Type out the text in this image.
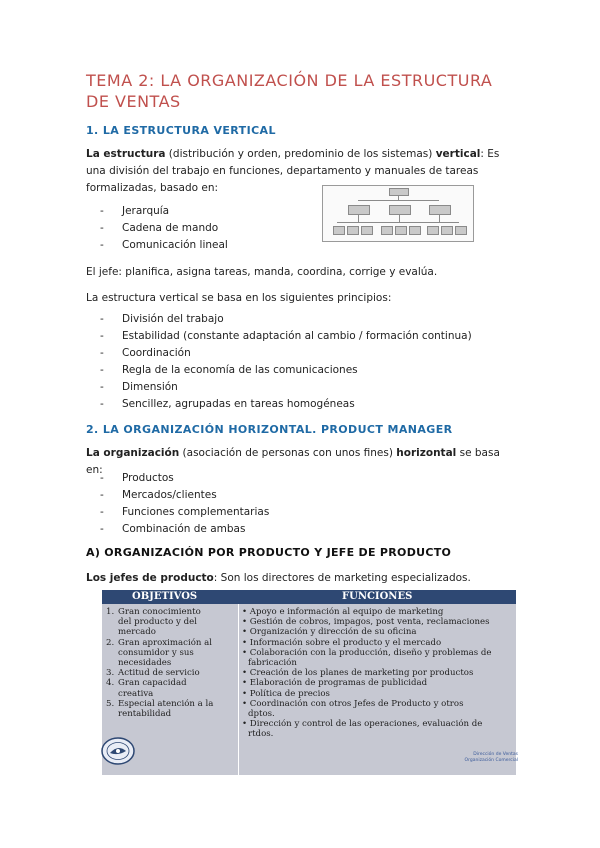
TEMA 2: LA ORGANIZACIÓN DE LA ESTRUCTURA DE VENTAS
1. LA ESTRUCTURA VERTICAL

La estructura (distribución y orden, predominio de los sistemas) vertical: Es una división del trabajo en funciones, departamento y manuales de tareas formalizadas, basado en:

- Jerarquía
- Cadena de mando
- Comunicación lineal

El jefe: planifica, asigna tareas, manda, coordina, corrige y evalúa.

La estructura vertical se basa en los siguientes principios:

- División del trabajo
- Estabilidad (constante adaptación al cambio / formación continua)
- Coordinación
- Regla de la economía de las comunicaciones
- Dimensión
- Sencillez, agrupadas en tareas homogéneas
2. LA ORGANIZACIÓN HORIZONTAL. PRODUCT MANAGER

La organización (asociación de personas con unos fines) horizontal se basa en:

- Productos
- Mercados/clientes
- Funciones complementarias
- Combinación de ambas
A) ORGANIZACIÓN POR PRODUCTO Y JEFE DE PRODUCTO

Los jefes de producto: Son los directores de marketing especializados.

OBJETIVOS	FUNCIONES
1. Gran conocimiento
del producto y del
mercado
2. Gran aproximación al
consumidor y sus
necesidades
3. Actitud de servicio
4. Gran capacidad
creativa
5. Especial atención a la
rentabilidad
• Apoyo e información al equipo de marketing
• Gestión de cobros, impagos, post venta, reclamaciones
• Organización y dirección de su oficina
• Información sobre el producto y el mercado
• Colaboración con la producción, diseño y problemas de
fabricación
• Creación de los planes de marketing por productos
• Elaboración de programas de publicidad
• Política de precios
• Coordinación con otros Jefes de Producto y otros
dptos.
• Dirección y control de las operaciones, evaluación de
rtdos.
Dirección de Ventas
Organización Comercial
